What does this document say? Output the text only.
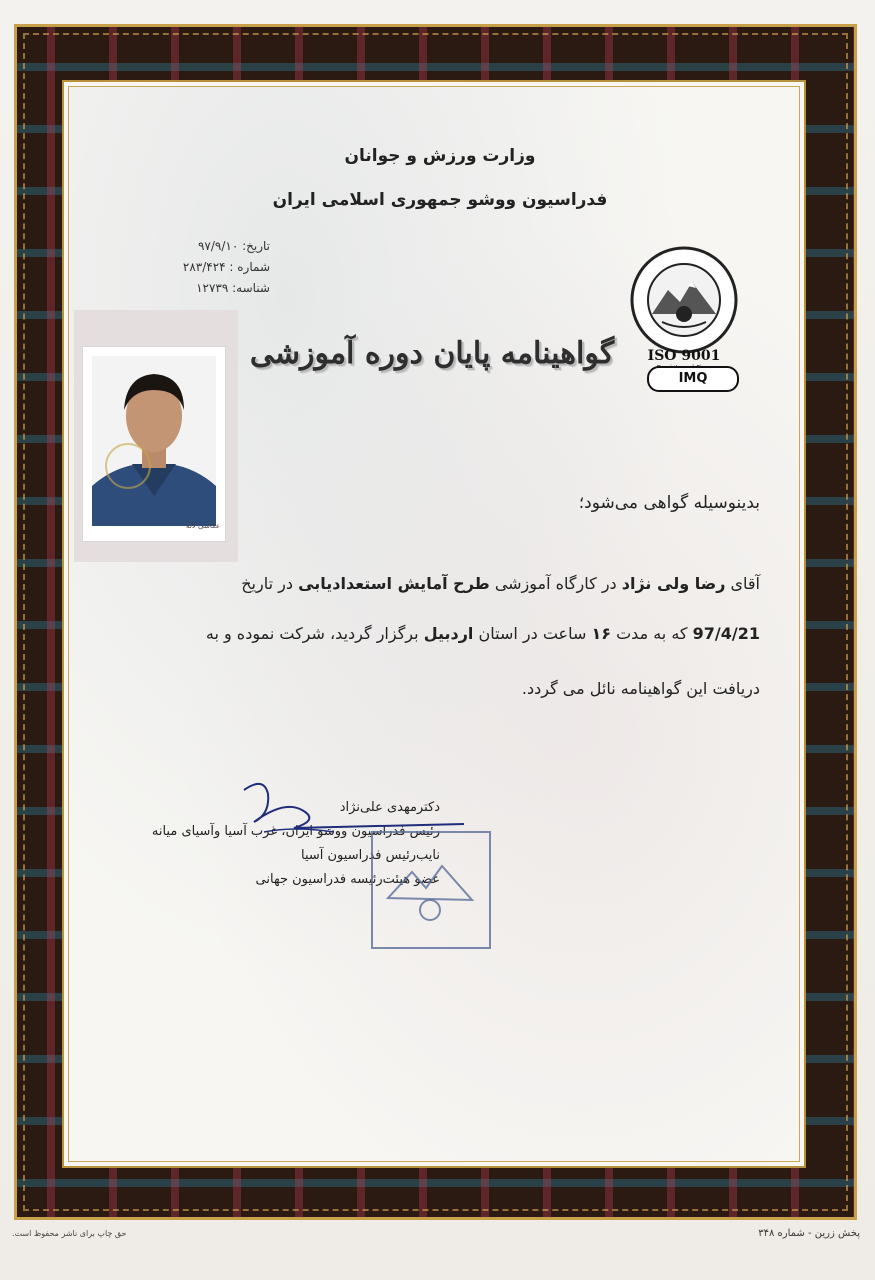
وزارت ورزش و جوانان
فدراسیون ووشو جمهوری اسلامی ایران
تاریخ: ۹۷/۹/۱۰
شماره : ۲۸۳/۴۲۴
شناسه: ۱۲۷۳۹
ISO 9001
IMQ
گواهینامه پایان دوره آموزشی
عکاسی لاله
بدینوسیله گواهی می‌شود؛
آقای رضا ولی نژاد در کارگاه آموزشی طرح آمایش استعدادیابی در تاریخ
97/4/21 که به مدت ۱۶ ساعت در استان اردبیل برگزار گردید، شرکت نموده و به
دریافت این گواهینامه نائل می گردد.
دکترمهدی علی‌نژاد
رئیس فدراسیون ووشو ایران، غرب آسیا وآسیای میانه
نایب‌رئیس فدراسیون آسیا
عضو هیئت‌رئیسه فدراسیون جهانی
حق چاپ برای ناشر محفوظ است.	پخش زرین - شماره ۳۴۸
